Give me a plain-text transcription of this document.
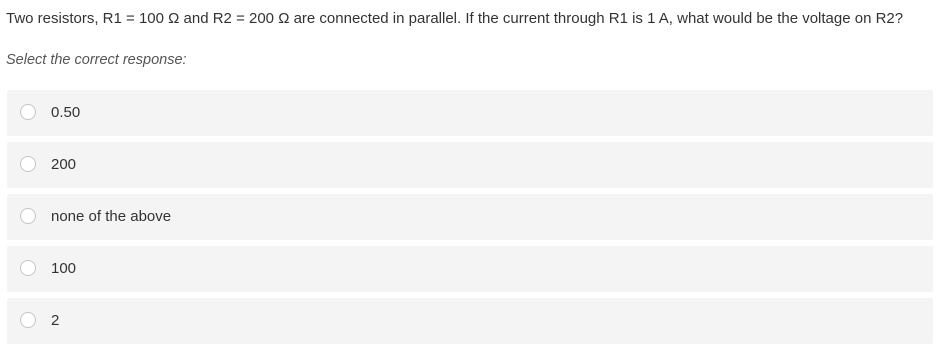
Two resistors, R1 = 100 Ω and R2 = 200 Ω are connected in parallel. If the current through R1 is 1 A, what would be the voltage on R2?
Select the correct response:
0.50
200
none of the above
100
2
